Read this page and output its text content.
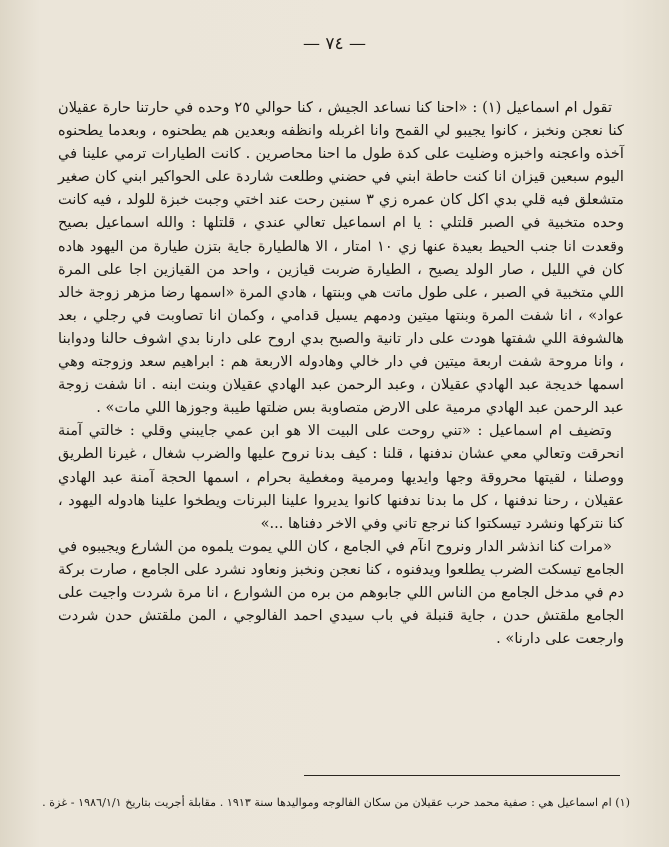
— ٧٤ —

تقول ام اسماعيل (١) : «احنا كنا نساعد الجيش ، كنا حوالي ٢٥ وحده في حارتنا حارة عقيلان كنا نعجن ونخبز ، كانوا يجيبو لي القمح وانا اغربله وانظفه وبعدين هم يطحنوه ، وبعدما يطحنوه آخذه واعجنه واخبزه وضليت على كدة طول ما احنا محاصرين . كانت الطيارات ترمي علينا في اليوم سبعين قيزان انا كنت حاطة ابني في حضني وطلعت شاردة على الحواكير ابني كان صغير متشعلق فيه قلي بدي اكل كان عمره زي ٣ سنين رحت عند اختي وجبت خبزة للولد ، فيه كانت وحده متخبية في الصبر قلتلي : يا ام اسماعيل تعالي عندي ، قلتلها : والله اسماعيل بصيح وقعدت انا جنب الحيط بعيدة عنها زي ١٠ امتار ، الا هالطيارة جاية بتزن طيارة من اليهود هاده كان في الليل ، صار الولد يصيح ، الطيارة ضربت قيازين ، واحد من القيازين اجا على المرة اللي متخبية في الصبر ، على طول ماتت هي وبنتها ، هادي المرة «اسمها رضا مزهر زوجة خالد عواد» ، انا شفت المرة وبنتها ميتين ودمهم يسيل قدامي ، وكمان انا تصاوبت في رجلي ، بعد هالشوفة اللي شفتها هودت على دار تانية والصبح بدي اروح على دارنا بدي اشوف حالنا ودوابنا ، وانا مروحة شفت اربعة ميتين في دار خالي وهادوله الاربعة هم : ابراهيم سعد وزوجته وهي اسمها خديجة عبد الهادي عقيلان ، وعبد الرحمن عبد الهادي عقيلان وبنت ابنه . انا شفت زوجة عبد الرحمن عبد الهادي مرمية على الارض متصاوبة بس ضلتها طيبة وجوزها اللي مات» .

وتضيف ام اسماعيل : «تني روحت على البيت الا هو ابن عمي جايبني وقلي : خالتي آمنة انحرقت وتعالي معي عشان ندفنها ، قلنا : كيف بدنا نروح عليها والضرب شغال ، غيرنا الطريق ووصلنا ، لقيتها محروقة وجها وايديها ومرمية ومغطية بحرام ، اسمها الحجة آمنة عبد الهادي عقيلان ، رحنا ندفنها ، كل ما بدنا ندفنها كانوا يديروا علينا البرنات ويطخوا علينا هادوله اليهود ، كنا نتركها ونشرد تيسكتوا كنا نرجع تاني وفي الاخر دفناها ...»

«مرات كنا انذشر الدار ونروح انآم في الجامع ، كان اللي يموت يلموه من الشارع ويجيبوه في الجامع تيسكت الضرب يطلعوا ويدفنوه ، كنا نعجن ونخبز ونعاود نشرد على الجامع ، صارت بركة دم في مدخل الجامع من الناس اللي جابوهم من بره من الشوارع ، انا مرة شردت واجيت على الجامع ملقتش حدن ، جاية قنبلة في باب سيدي احمد الفالوجي ، المن ملقتش حدن شردت وارجعت على دارنا» .

(١) ام اسماعيل هي : صفية محمد حرب عقيلان من سكان الفالوجه ومواليدها سنة ١٩١٣ . مقابلة أجريت بتاريخ ١٩٨٦/١/١ - غزة .
